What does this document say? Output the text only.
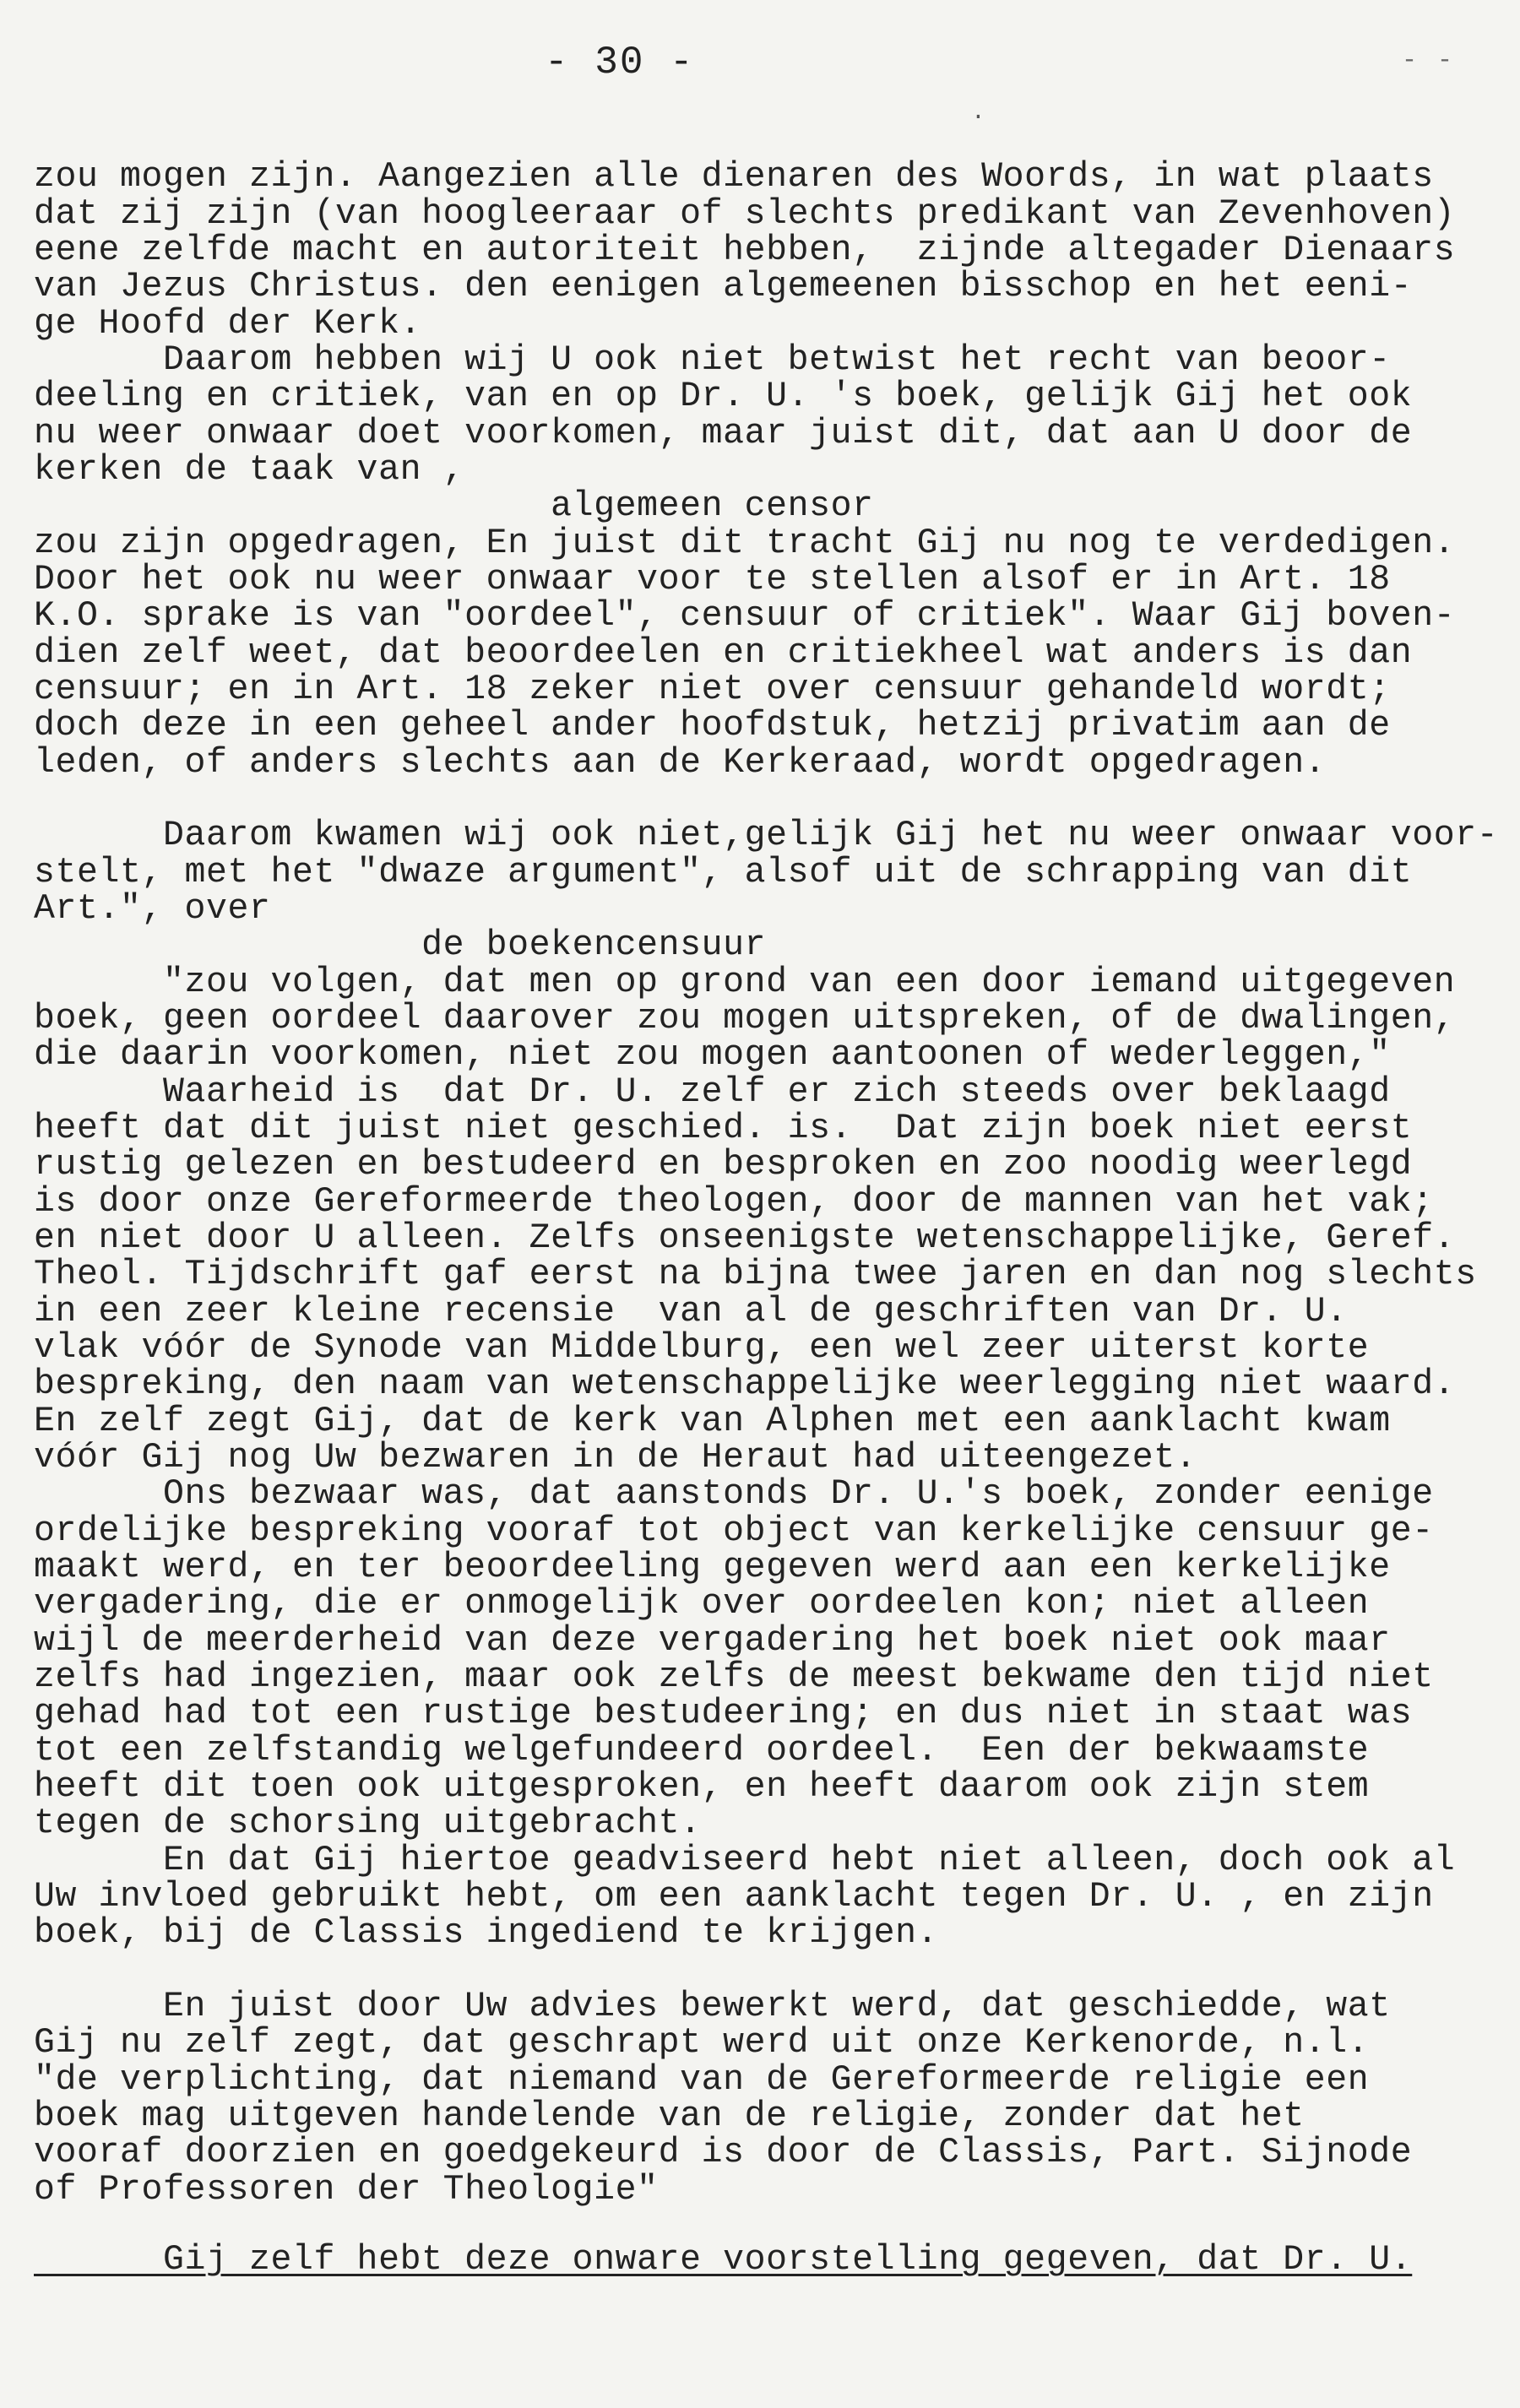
- 30 -	- -
.
zou mogen zijn. Aangezien alle dienaren des Woords, in wat plaats
dat zij zijn (van hoogleeraar of slechts predikant van Zevenhoven)
eene zelfde macht en autoriteit hebben,  zijnde altegader Dienaars
van Jezus Christus. den eenigen algemeenen bisschop en het eeni-
ge Hoofd der Kerk.
Daarom hebben wij U ook niet betwist het recht van beoor-
deeling en critiek, van en op Dr. U. 's boek, gelijk Gij het ook
nu weer onwaar doet voorkomen, maar juist dit, dat aan U door de
kerken de taak van ,
algemeen censor
zou zijn opgedragen, En juist dit tracht Gij nu nog te verdedigen.
Door het ook nu weer onwaar voor te stellen alsof er in Art. 18
K.O. sprake is van "oordeel", censuur of critiek". Waar Gij boven-
dien zelf weet, dat beoordeelen en critiekheel wat anders is dan
censuur; en in Art. 18 zeker niet over censuur gehandeld wordt;
doch deze in een geheel ander hoofdstuk, hetzij privatim aan de
leden, of anders slechts aan de Kerkeraad, wordt opgedragen.
Daarom kwamen wij ook niet,gelijk Gij het nu weer onwaar voor-
stelt, met het "dwaze argument", alsof uit de schrapping van dit
Art.", over
de boekencensuur
"zou volgen, dat men op grond van een door iemand uitgegeven
boek, geen oordeel daarover zou mogen uitspreken, of de dwalingen,
die daarin voorkomen, niet zou mogen aantoonen of wederleggen,"
Waarheid is  dat Dr. U. zelf er zich steeds over beklaagd
heeft dat dit juist niet geschied. is.  Dat zijn boek niet eerst
rustig gelezen en bestudeerd en besproken en zoo noodig weerlegd
is door onze Gereformeerde theologen, door de mannen van het vak;
en niet door U alleen. Zelfs onseenigste wetenschappelijke, Geref.
Theol. Tijdschrift gaf eerst na bijna twee jaren en dan nog slechts
in een zeer kleine recensie  van al de geschriften van Dr. U.
vlak vóór de Synode van Middelburg, een wel zeer uiterst korte
bespreking, den naam van wetenschappelijke weerlegging niet waard.
En zelf zegt Gij, dat de kerk van Alphen met een aanklacht kwam
vóór Gij nog Uw bezwaren in de Heraut had uiteengezet.
Ons bezwaar was, dat aanstonds Dr. U.'s boek, zonder eenige
ordelijke bespreking vooraf tot object van kerkelijke censuur ge-
maakt werd, en ter beoordeeling gegeven werd aan een kerkelijke
vergadering, die er onmogelijk over oordeelen kon; niet alleen
wijl de meerderheid van deze vergadering het boek niet ook maar
zelfs had ingezien, maar ook zelfs de meest bekwame den tijd niet
gehad had tot een rustige bestudeering; en dus niet in staat was
tot een zelfstandig welgefundeerd oordeel.  Een der bekwaamste
heeft dit toen ook uitgesproken, en heeft daarom ook zijn stem
tegen de schorsing uitgebracht.
En dat Gij hiertoe geadviseerd hebt niet alleen, doch ook al
Uw invloed gebruikt hebt, om een aanklacht tegen Dr. U. , en zijn
boek, bij de Classis ingediend te krijgen.
En juist door Uw advies bewerkt werd, dat geschiedde, wat
Gij nu zelf zegt, dat geschrapt werd uit onze Kerkenorde, n.l.
"de verplichting, dat niemand van de Gereformeerde religie een
boek mag uitgeven handelende van de religie, zonder dat het
vooraf doorzien en goedgekeurd is door de Classis, Part. Sijnode
of Professoren der Theologie"
Gij zelf hebt deze onware voorstelling gegeven, dat Dr. U.
